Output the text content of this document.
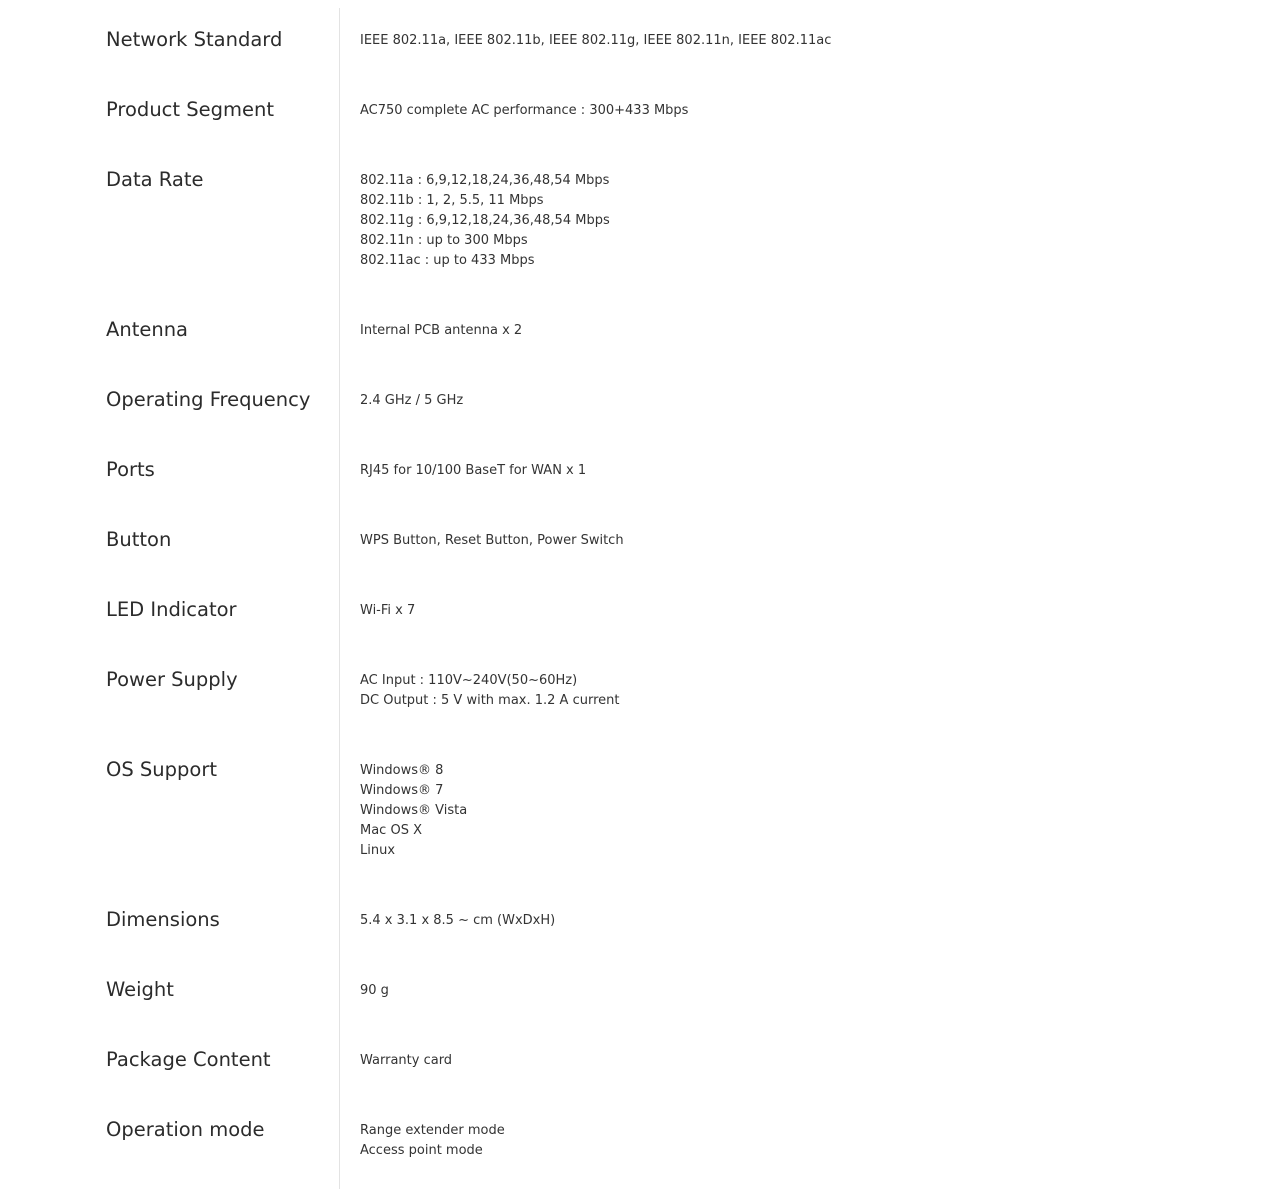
Network Standard	IEEE 802.11a, IEEE 802.11b, IEEE 802.11g, IEEE 802.11n, IEEE 802.11ac
Product Segment	AC750 complete AC performance : 300+433 Mbps
Data Rate	802.11a : 6,9,12,18,24,36,48,54 Mbps
802.11b : 1, 2, 5.5, 11 Mbps
802.11g : 6,9,12,18,24,36,48,54 Mbps
802.11n : up to 300 Mbps
802.11ac : up to 433 Mbps
Antenna	Internal PCB antenna x 2
Operating Frequency	2.4 GHz / 5 GHz
Ports	RJ45 for 10/100 BaseT for WAN x 1
Button	WPS Button, Reset Button, Power Switch
LED Indicator	Wi-Fi x 7
Power Supply	AC Input : 110V~240V(50~60Hz)
DC Output : 5 V with max. 1.2 A current
OS Support	Windows® 8
Windows® 7
Windows® Vista
Mac OS X
Linux
Dimensions	5.4 x 3.1 x 8.5 ~ cm (WxDxH)
Weight	90 g
Package Content	Warranty card
Operation mode	Range extender mode
Access point mode
